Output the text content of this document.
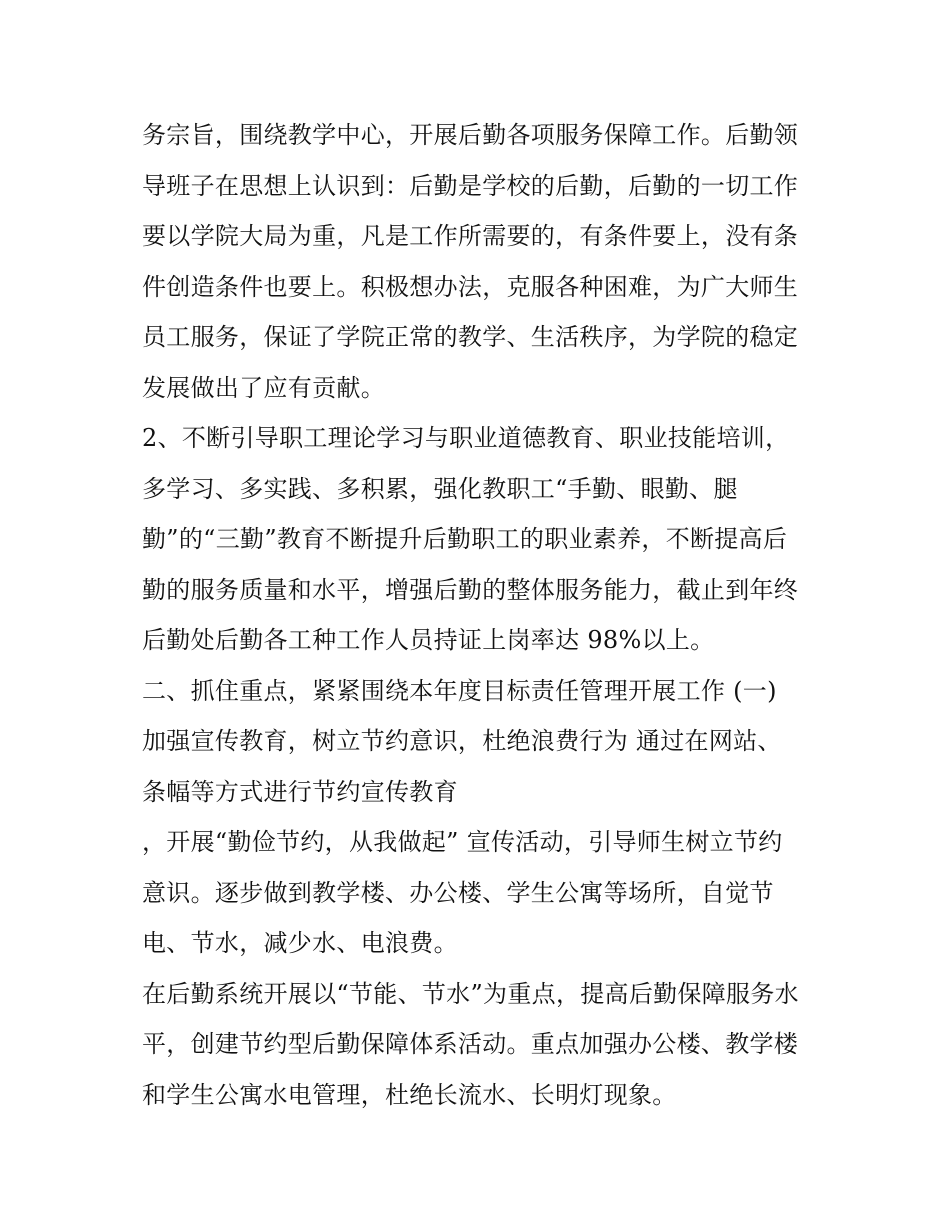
务宗旨，围绕教学中心，开展后勤各项服务保障工作。后勤领
导班子在思想上认识到：后勤是学校的后勤，后勤的一切工作
要以学院大局为重，凡是工作所需要的，有条件要上，没有条
件创造条件也要上。积极想办法，克服各种困难，为广大师生
员工服务，保证了学院正常的教学、生活秩序，为学院的稳定
发展做出了应有贡献。
2、不断引导职工理论学习与职业道德教育、职业技能培训，
多学习、多实践、多积累，强化教职工“手勤、眼勤、腿
勤”的“三勤”教育不断提升后勤职工的职业素养，不断提高后
勤的服务质量和水平，增强后勤的整体服务能力，截止到年终
后勤处后勤各工种工作人员持证上岗率达 98%以上。
二、抓住重点，紧紧围绕本年度目标责任管理开展工作 (一)
加强宣传教育，树立节约意识，杜绝浪费行为 通过在网站、
条幅等方式进行节约宣传教育
，开展“勤俭节约，从我做起” 宣传活动，引导师生树立节约
意识。逐步做到教学楼、办公楼、学生公寓等场所，自觉节
电、节水，减少水、电浪费。
在后勤系统开展以“节能、节水”为重点，提高后勤保障服务水
平，创建节约型后勤保障体系活动。重点加强办公楼、教学楼
和学生公寓水电管理，杜绝长流水、长明灯现象。
